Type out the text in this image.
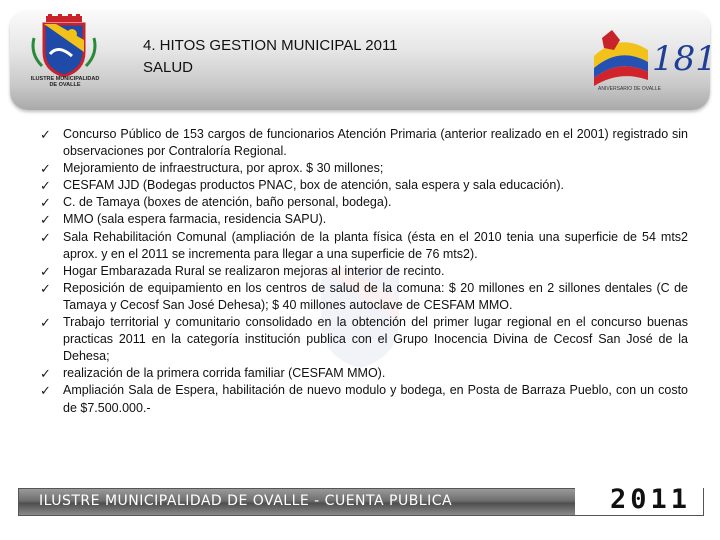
ILUSTRE MUNICIPALIDAD
DE OVALLE
4. HITOS GESTION MUNICIPAL 2011
SALUD	181
ANIVERSARIO DE OVALLE
✓ Concurso Público de 153 cargos de funcionarios Atención Primaria (anterior realizado en el 2001) registrado sin observaciones por Contraloría Regional.
✓ Mejoramiento de infraestructura, por aprox. $ 30 millones;
✓ CESFAM JJD (Bodegas productos PNAC, box de atención, sala espera y sala educación).
✓ C. de Tamaya (boxes de atención, baño personal, bodega).
✓ MMO (sala espera farmacia, residencia SAPU).
✓ Sala Rehabilitación Comunal (ampliación de la planta física (ésta en el 2010 tenia una superficie de 54 mts2 aprox. y en el 2011 se incrementa para llegar a una superficie de 76 mts2).
✓ Hogar Embarazada Rural se realizaron mejoras al interior de recinto.
✓ Reposición de equipamiento en los centros de salud de la comuna: $ 20 millones en 2 sillones dentales (C de Tamaya y Cecosf San José Dehesa); $ 40 millones autoclave de CESFAM MMO.
✓ Trabajo territorial y comunitario consolidado en la obtención del primer lugar regional en el concurso buenas practicas 2011 en la categoría institución publica con el Grupo Inocencia Divina de Cecosf San José de la Dehesa;
✓ realización de la primera corrida familiar (CESFAM MMO).
✓ Ampliación Sala de Espera, habilitación de nuevo modulo y bodega, en Posta de Barraza Pueblo, con un costo de $7.500.000.-
ILUSTRE MUNICIPALIDAD DE OVALLE - CUENTA PUBLICA	2011
